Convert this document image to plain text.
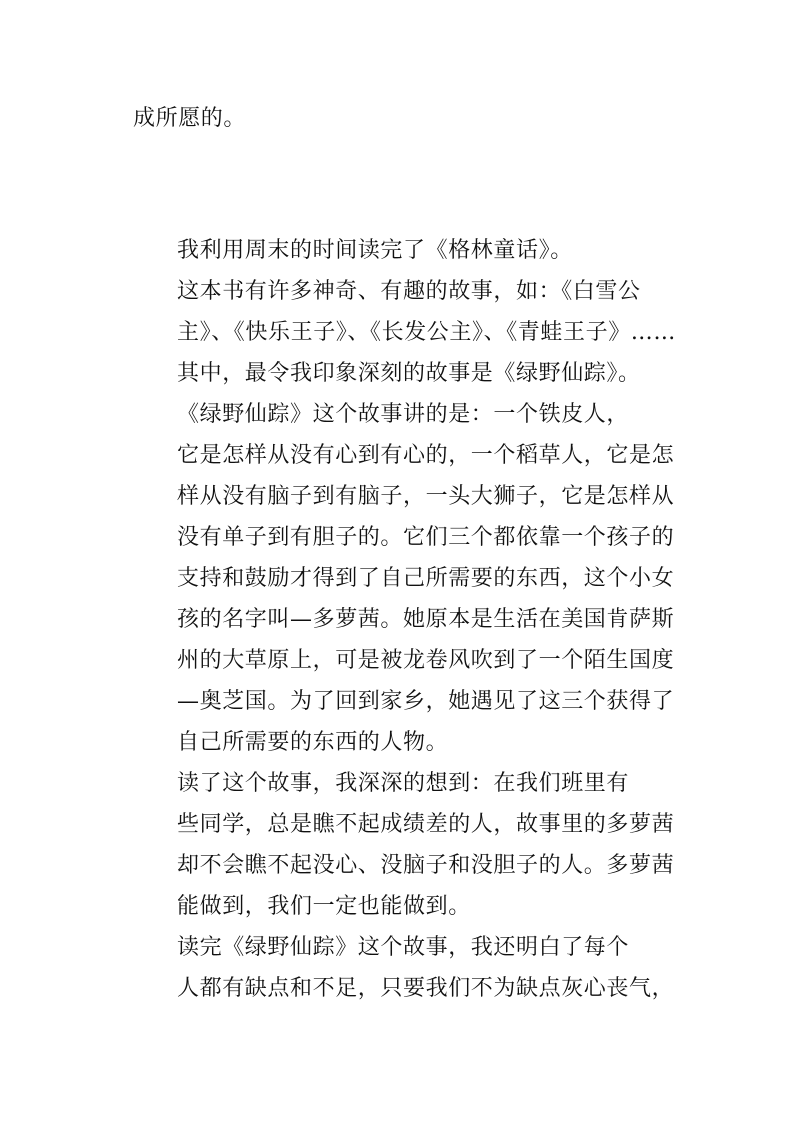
成所愿的。

我利用周末的时间读完了《格林童话》。

这本书有许多神奇、有趣的故事，如：《白雪公
主》、《快乐王子》、《长发公主》、《青蛙王子》……
其中，最令我印象深刻的故事是《绿野仙踪》。

《绿野仙踪》这个故事讲的是：一个铁皮人，
它是怎样从没有心到有心的，一个稻草人，它是怎
样从没有脑子到有脑子，一头大狮子，它是怎样从
没有单子到有胆子的。它们三个都依靠一个孩子的
支持和鼓励才得到了自己所需要的东西，这个小女
孩的名字叫—多萝茜。她原本是生活在美国肯萨斯
州的大草原上，可是被龙卷风吹到了一个陌生国度
—奥芝国。为了回到家乡，她遇见了这三个获得了
自己所需要的东西的人物。

读了这个故事，我深深的想到：在我们班里有
些同学，总是瞧不起成绩差的人，故事里的多萝茜
却不会瞧不起没心、没脑子和没胆子的人。多萝茜
能做到，我们一定也能做到。

读完《绿野仙踪》这个故事，我还明白了每个
人都有缺点和不足，只要我们不为缺点灰心丧气，
